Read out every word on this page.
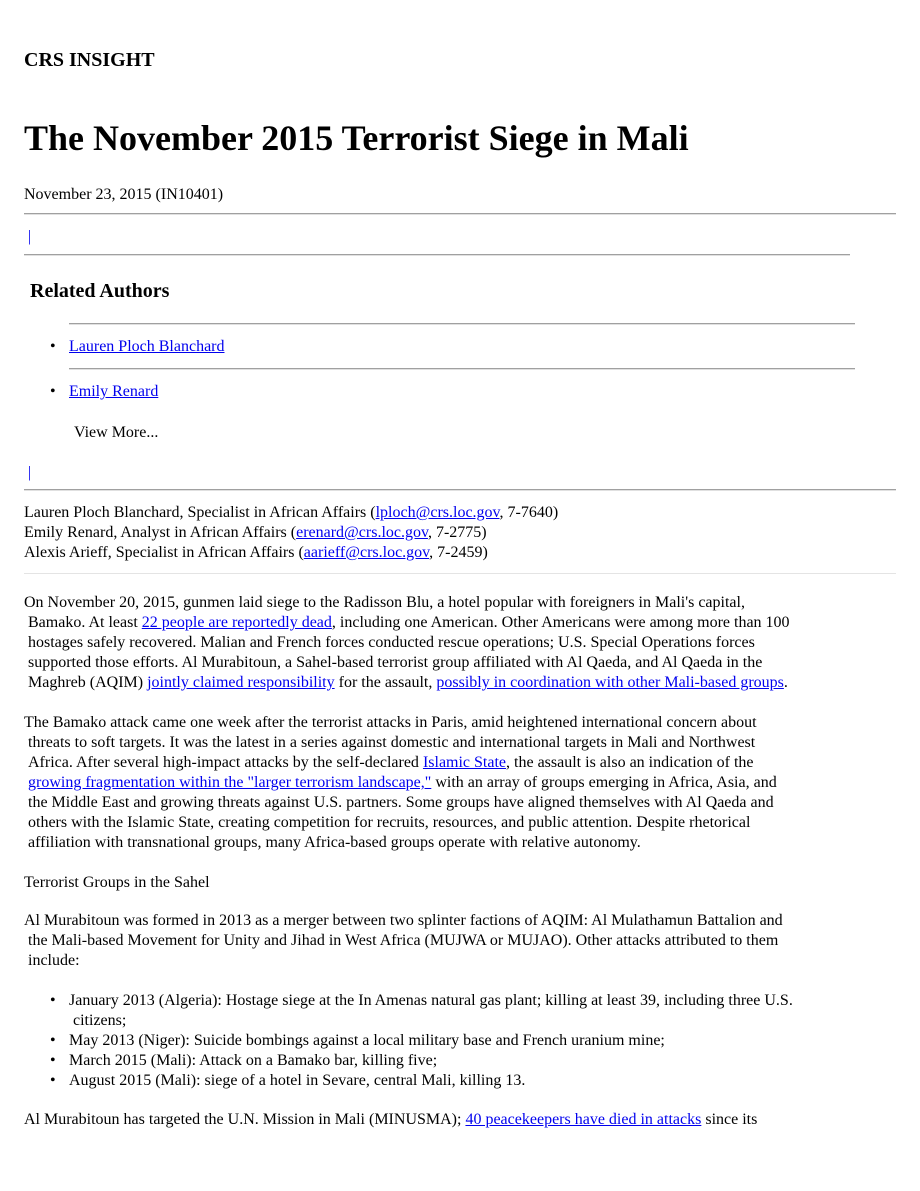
CRS INSIGHT
The November 2015 Terrorist Siege in Mali

November 23, 2015 (IN10401)

|
Related Authors
• Lauren Ploch Blanchard
• Emily Renard

View More...

|
Lauren Ploch Blanchard, Specialist in African Affairs (lploch@crs.loc.gov, 7-7640)
Emily Renard, Analyst in African Affairs (erenard@crs.loc.gov, 7-2775)
Alexis Arieff, Specialist in African Affairs (aarieff@crs.loc.gov, 7-2459)

On November 20, 2015, gunmen laid siege to the Radisson Blu, a hotel popular with foreigners in Mali's capital,
Bamako. At least 22 people are reportedly dead, including one American. Other Americans were among more than 100
hostages safely recovered. Malian and French forces conducted rescue operations; U.S. Special Operations forces
supported those efforts. Al Murabitoun, a Sahel-based terrorist group affiliated with Al Qaeda, and Al Qaeda in the
Maghreb (AQIM) jointly claimed responsibility for the assault, possibly in coordination with other Mali-based groups.

The Bamako attack came one week after the terrorist attacks in Paris, amid heightened international concern about
threats to soft targets. It was the latest in a series against domestic and international targets in Mali and Northwest
Africa. After several high-impact attacks by the self-declared Islamic State, the assault is also an indication of the
growing fragmentation within the "larger terrorism landscape," with an array of groups emerging in Africa, Asia, and
the Middle East and growing threats against U.S. partners. Some groups have aligned themselves with Al Qaeda and
others with the Islamic State, creating competition for recruits, resources, and public attention. Despite rhetorical
affiliation with transnational groups, many Africa-based groups operate with relative autonomy.

Terrorist Groups in the Sahel

Al Murabitoun was formed in 2013 as a merger between two splinter factions of AQIM: Al Mulathamun Battalion and
the Mali-based Movement for Unity and Jihad in West Africa (MUJWA or MUJAO). Other attacks attributed to them
include:

• January 2013 (Algeria): Hostage siege at the In Amenas natural gas plant; killing at least 39, including three U.S.
citizens;
• May 2013 (Niger): Suicide bombings against a local military base and French uranium mine;
• March 2015 (Mali): Attack on a Bamako bar, killing five;
• August 2015 (Mali): siege of a hotel in Sevare, central Mali, killing 13.

Al Murabitoun has targeted the U.N. Mission in Mali (MINUSMA); 40 peacekeepers have died in attacks since its
